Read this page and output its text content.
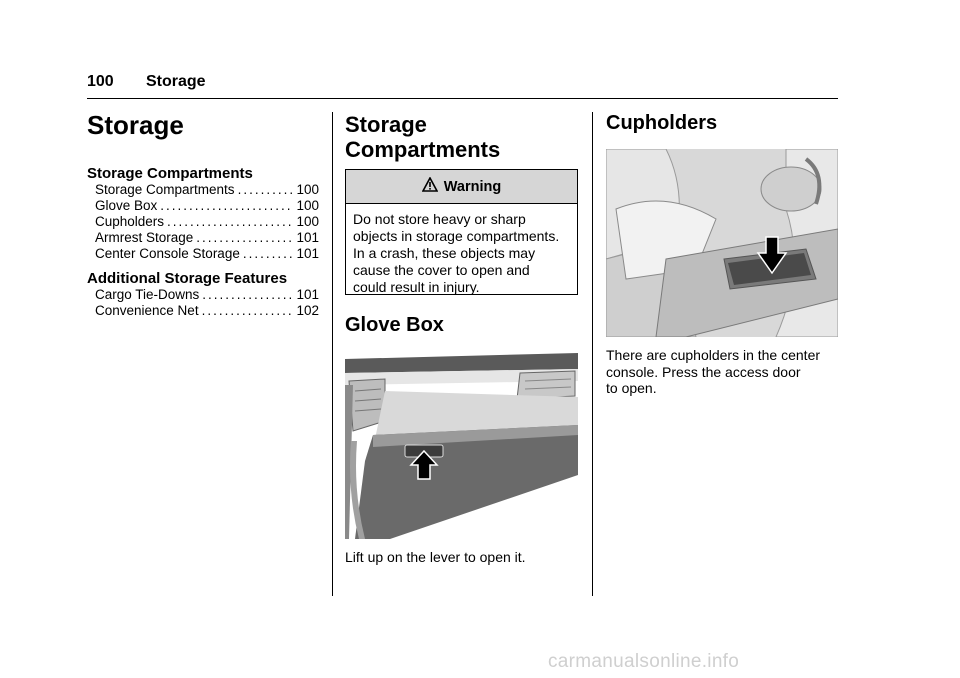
100 Storage
Storage
Storage Compartments
Storage Compartments .....	100
Glove Box .....	100
Cupholders .....	100
Armrest Storage .....	101
Center Console Storage .....	101
Additional Storage Features
Cargo Tie-Downs .....	101
Convenience Net .....	102
Storage
Compartments
Warning
Do not store heavy or sharp
objects in storage compartments.
In a crash, these objects may
cause the cover to open and
could result in injury.
Glove Box
Lift up on the lever to open it.
Cupholders
There are cupholders in the center
console. Press the access door
to open.
carmanualsonline.info
